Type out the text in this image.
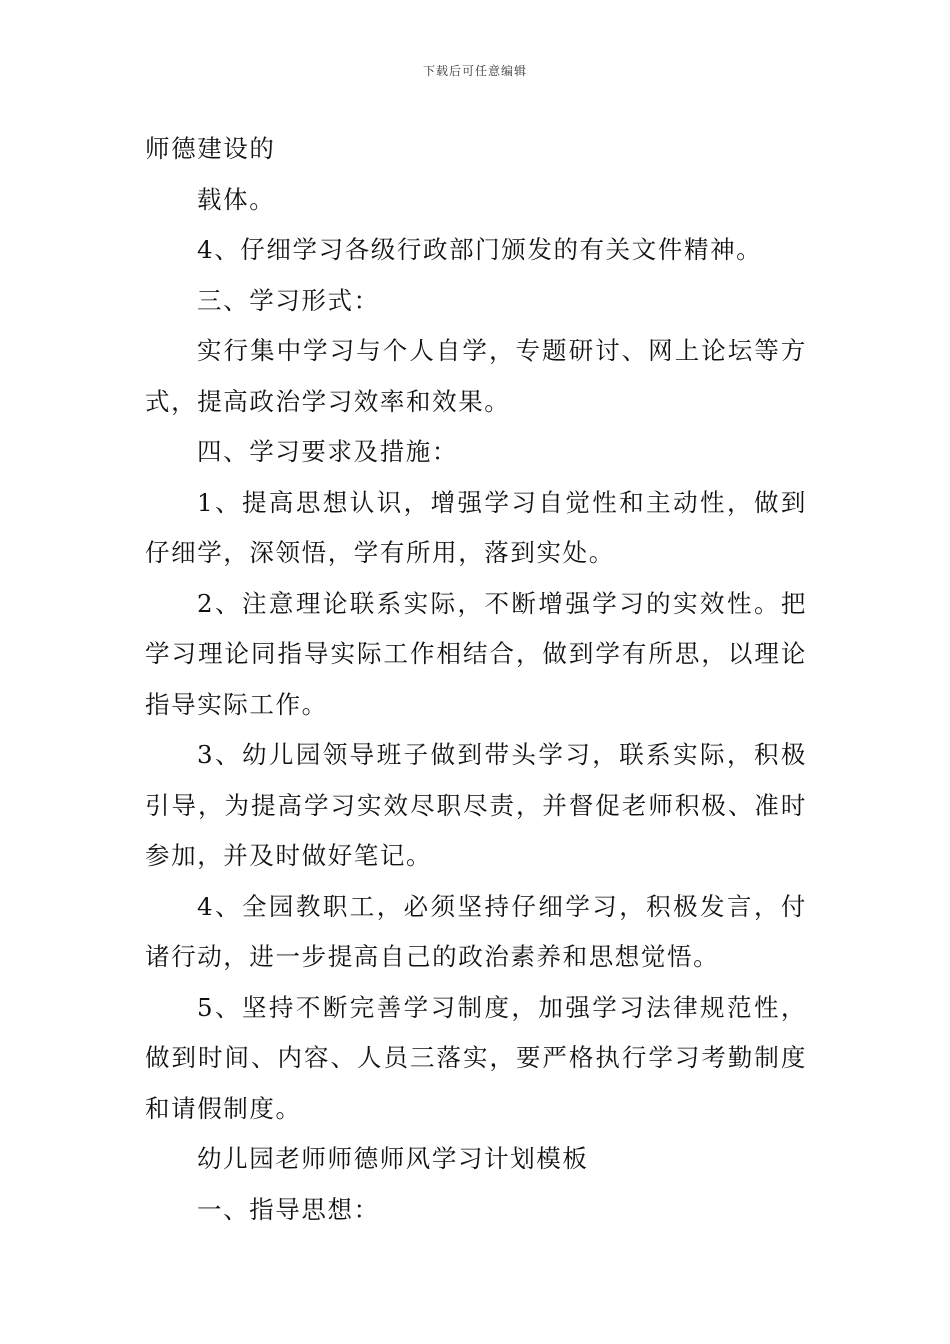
下载后可任意编辑

师德建设的

载体。

4、仔细学习各级行政部门颁发的有关文件精神。

三、学习形式：

实行集中学习与个人自学，专题研讨、网上论坛等方式，提高政治学习效率和效果。

四、学习要求及措施：

1、提高思想认识，增强学习自觉性和主动性，做到仔细学，深领悟，学有所用，落到实处。

2、注意理论联系实际，不断增强学习的实效性。把学习理论同指导实际工作相结合，做到学有所思，以理论指导实际工作。

3、幼儿园领导班子做到带头学习，联系实际，积极引导，为提高学习实效尽职尽责，并督促老师积极、准时参加，并及时做好笔记。

4、全园教职工，必须坚持仔细学习，积极发言，付诸行动，进一步提高自己的政治素养和思想觉悟。

5、坚持不断完善学习制度，加强学习法律规范性，做到时间、内容、人员三落实，要严格执行学习考勤制度和请假制度。

幼儿园老师师德师风学习计划模板

一、指导思想：
